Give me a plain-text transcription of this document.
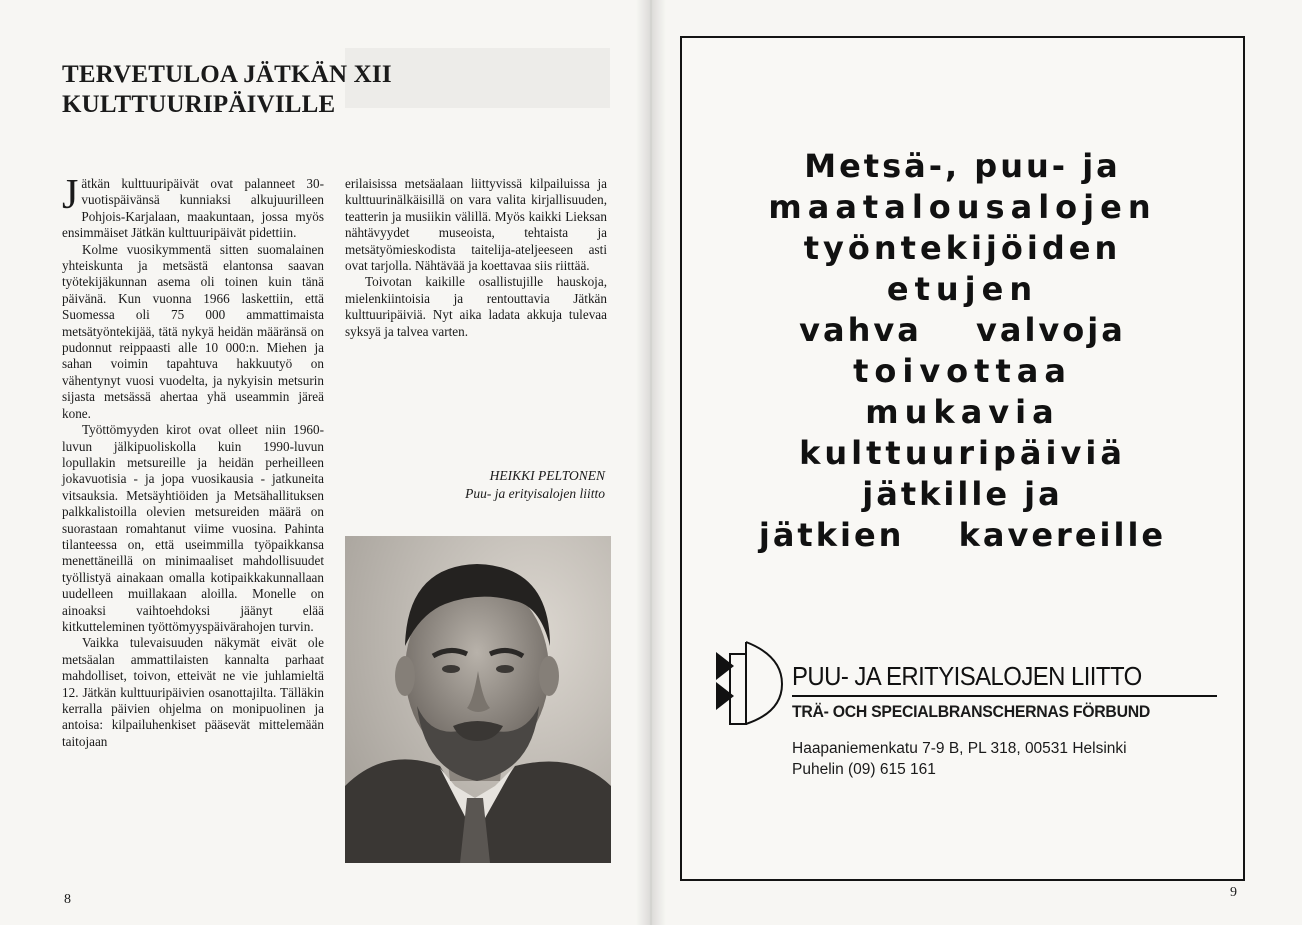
TERVETULOA JÄTKÄN XII KULTTUURIPÄIVILLE
J ätkän kulttuuripäivät ovat palanneet 30-vuotispäivänsä kunniaksi alkujuurilleen Pohjois-Karjalaan, maakuntaan, jossa myös ensimmäiset Jätkän kulttuuripäivät pidettiin.

Kolme vuosikymmentä sitten suomalainen yhteiskunta ja metsästä elantonsa saavan työtekijäkunnan asema oli toinen kuin tänä päivänä. Kun vuonna 1966 laskettiin, että Suomessa oli 75 000 ammattimaista metsätyöntekijää, tätä nykyä heidän määränsä on pudonnut reippaasti alle 10 000:n. Miehen ja sahan voimin tapahtuva hakkuutyö on vähentynyt vuosi vuodelta, ja nykyisin metsurin sijasta metsässä ahertaa yhä useammin järeä kone.

Työttömyyden kirot ovat olleet niin 1960-luvun jälkipuoliskolla kuin 1990-luvun lopullakin metsureille ja heidän perheilleen jokavuotisia - ja jopa vuosikausia - jatkuneita vitsauksia. Metsäyhtiöiden ja Metsähallituksen palkkalistoilla olevien metsureiden määrä on suorastaan romahtanut viime vuosina. Pahinta tilanteessa on, että useimmilla työpaikkansa menettäneillä on minimaaliset mahdollisuudet työllistyä ainakaan omalla kotipaikkakunnallaan uudelleen muillakaan aloilla. Monelle on ainoaksi vaihtoehdoksi jäänyt elää kitkutteleminen työttömyyspäivärahojen turvin.

Vaikka tulevaisuuden näkymät eivät ole metsäalan ammattilaisten kannalta parhaat mahdolliset, toivon, etteivät ne vie juhlamieltä 12. Jätkän kulttuuripäivien osanottajilta. Tälläkin kerralla päivien ohjelma on monipuolinen ja antoisa: kilpailuhenkiset pääsevät mittelemään taitojaan

erilaisissa metsäalaan liittyvissä kilpailuissa ja kulttuurinälkäisillä on vara valita kirjallisuuden, teatterin ja musiikin välillä. Myös kaikki Lieksan nähtävyydet museoista, tehtaista ja metsätyömieskodista taitelija-ateljeeseen asti ovat tarjolla. Nähtävää ja koettavaa siis riittää.

Toivotan kaikille osallistujille hauskoja, mielenkiintoisia ja rentouttavia Jätkän kulttuuripäiviä. Nyt aika ladata akkuja tulevaa syksyä ja talvea varten.

HEIKKI PELTONEN
Puu- ja erityisalojen liitto
8
Metsä-, puu- ja
maatalousalojen
työntekijöiden
etujen
vahva valvoja
toivottaa
mukavia
kulttuuripäiviä
jätkille ja
jätkien kavereille
PUU- JA ERITYISALOJEN LIITTO
TRÄ- OCH SPECIALBRANSCHERNAS FÖRBUND
Haapaniemenkatu 7-9 B, PL 318, 00531 Helsinki
Puhelin (09) 615 161
9
